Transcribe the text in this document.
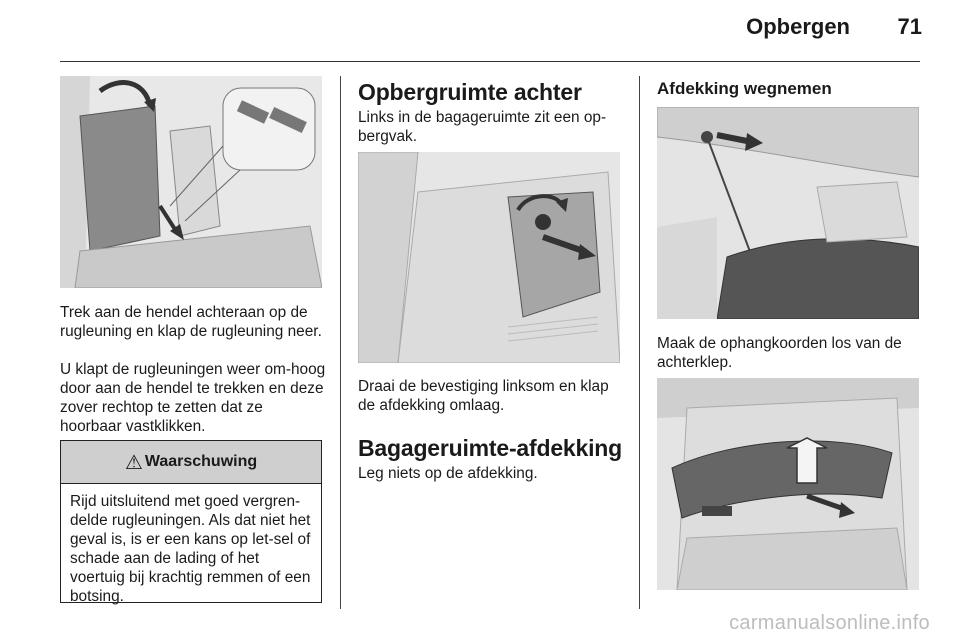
Opbergen	71

Trek aan de hendel achteraan op de rugleuning en klap de rugleuning neer.

U klapt de rugleuningen weer om-hoog door aan de hendel te trekken en deze zover rechtop te zetten dat ze hoorbaar vastklikken.

⚠ Waarschuwing
Rijd uitsluitend met goed vergren-delde rugleuningen. Als dat niet het geval is, is er een kans op let-sel of schade aan de lading of het voertuig bij krachtig remmen of een botsing.
Opbergruimte achter

Links in de bagageruimte zit een op-bergvak.

Draai de bevestiging linksom en klap de afdekking omlaag.

Bagageruimte-afdekking

Leg niets op de afdekking.

Afdekking wegnemen

Maak de ophangkoorden los van de achterklep.

carmanualsonline.info
